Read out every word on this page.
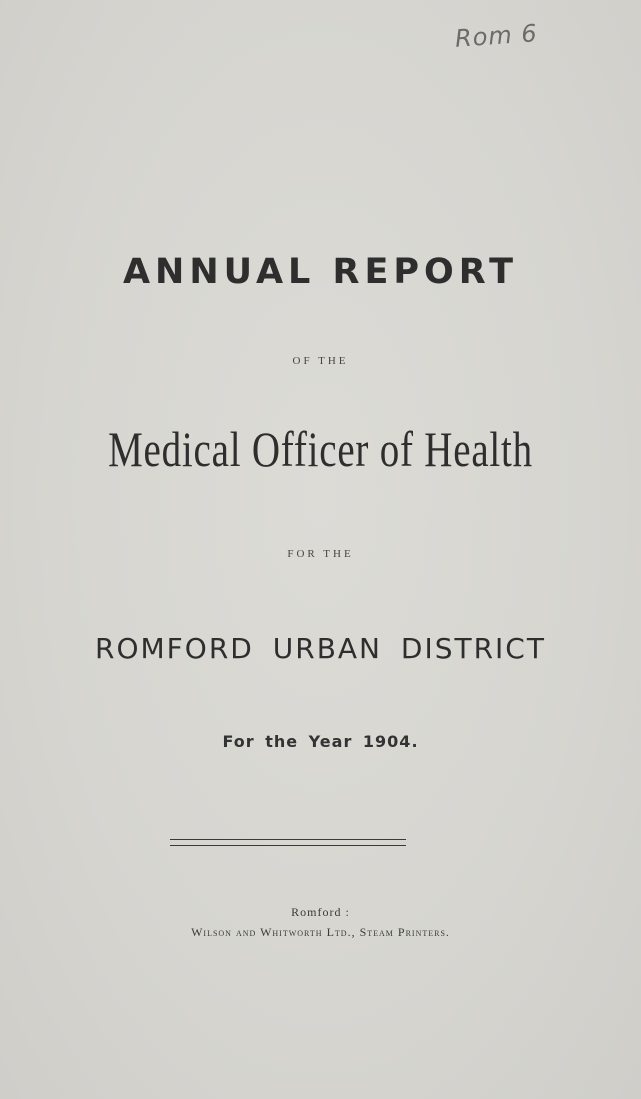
Rom 6
ANNUAL REPORT
OF THE
Medical Officer of Health
FOR THE
ROMFORD URBAN DISTRICT
For the Year 1904.
Romford :
Wilson and Whitworth Ltd., Steam Printers.
